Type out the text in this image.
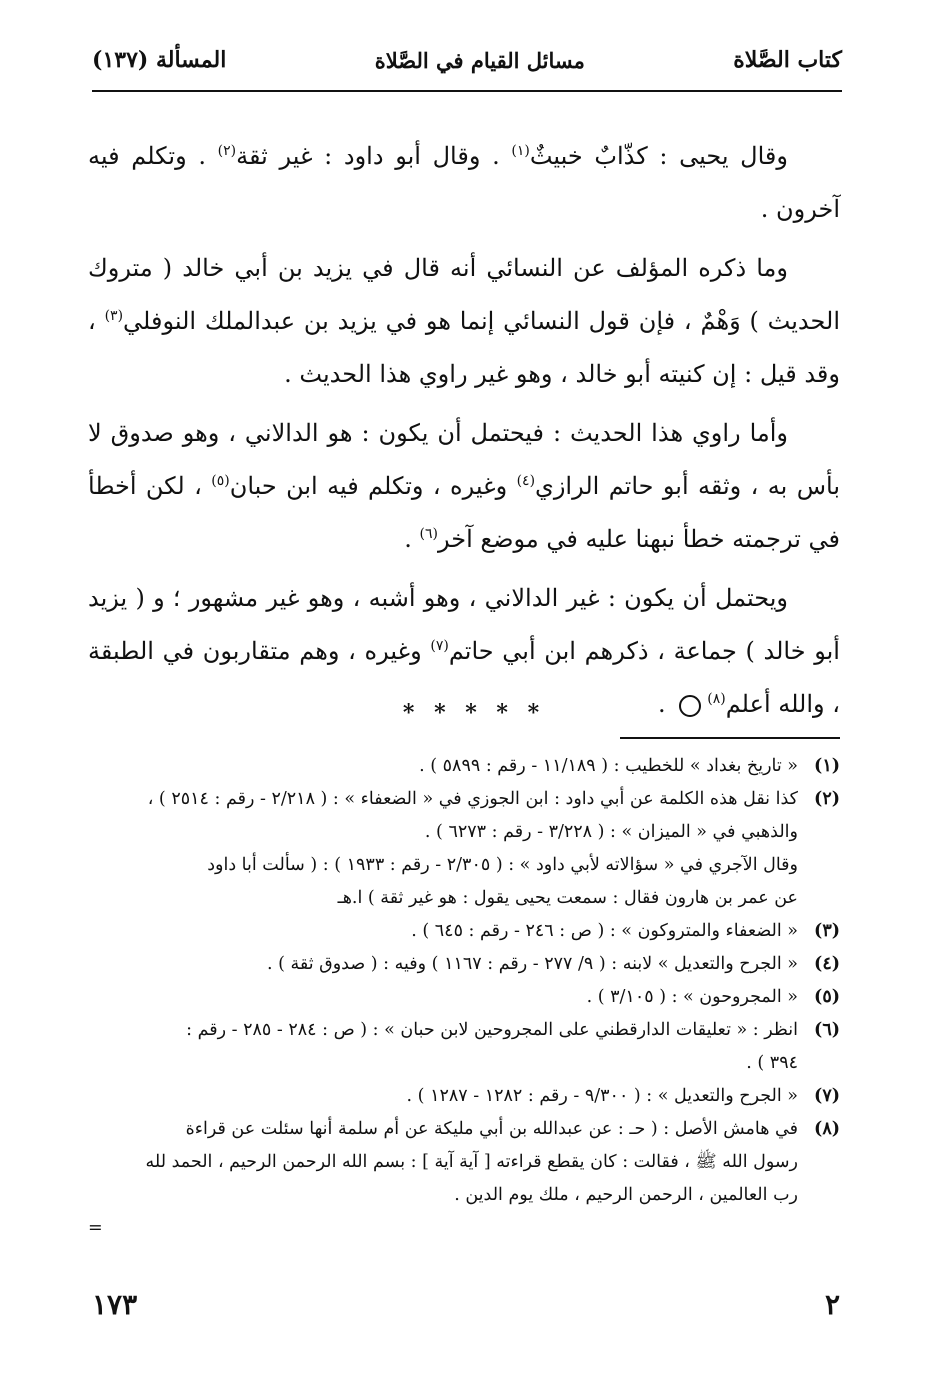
كتاب الصَّلاة
مسائل القيام في الصَّلاة
المسألة (١٣٧)

وقال يحيى : كذّابٌ خبيثٌ$^{(١)}$ . وقال أبو داود : غير ثقة$^{(٢)}$ . وتكلم فيه آخرون .

وما ذكره المؤلف عن النسائي أنه قال في يزيد بن أبي خالد ( متروك الحديث ) وَهْمٌ ، فإن قول النسائي إنما هو في يزيد بن عبدالملك النوفلي$^{(٣)}$ ، وقد قيل : إن كنيته أبو خالد ، وهو غير راوي هذا الحديث .

وأما راوي هذا الحديث : فيحتمل أن يكون : هو الدالاني ، وهو صدوق لا بأس به ، وثقه أبو حاتم الرازي$^{(٤)}$ وغيره ، وتكلم فيه ابن حبان$^{(٥)}$ ، لكن أخطأ في ترجمته خطأ نبهنا عليه في موضع آخر$^{(٦)}$ .

ويحتمل أن يكون : غير الدالاني ، وهو أشبه ، وهو غير مشهور ؛ و ( يزيد أبو خالد ) جماعة ، ذكرهم ابن أبي حاتم$^{(٧)}$ وغيره ، وهم متقاربون في الطبقة ، والله أعلم$^{(٨)}$ .

* * * * *
(١)
« تاريخ بغداد » للخطيب : ( ١١/١٨٩ - رقم : ٥٨٩٩ ) .
(٢)
كذا نقل هذه الكلمة عن أبي داود : ابن الجوزي في « الضعفاء » : ( ٢/٢١٨ - رقم : ٢٥١٤ ) ،
والذهبي في « الميزان » : ( ٣/٢٢٨ - رقم : ٦٢٧٣ ) .
وقال الآجري في « سؤالاته لأبي داود » : ( ٢/٣٠٥ - رقم : ١٩٣٣ ) : ( سألت أبا داود
عن عمر بن هارون فقال : سمعت يحيى يقول : هو غير ثقة ) ا.هـ
(٣)
« الضعفاء والمتروكون » : ( ص : ٢٤٦ - رقم : ٦٤٥ ) .
(٤)
« الجرح والتعديل » لابنه : ( ٩/ ٢٧٧ - رقم : ١١٦٧ ) وفيه : ( صدوق ثقة ) .
(٥)
« المجروحون » : ( ٣/١٠٥ ) .
(٦)
انظر : « تعليقات الدارقطني على المجروحين لابن حبان » : ( ص : ٢٨٤ - ٢٨٥ - رقم :
٣٩٤ ) .
(٧)
« الجرح والتعديل » : ( ٩/٣٠٠ - رقم : ١٢٨٢ - ١٢٨٧ ) .
(٨)
في هامش الأصل : ( حـ : عن عبدالله بن أبي مليكة عن أم سلمة أنها سئلت عن قراءة
رسول الله ﷺ ، فقالت : كان يقطع قراءته [ آية آية ] : بسم الله الرحمن الرحيم ، الحمد لله
رب العالمين ، الرحمن الرحيم ، ملك يوم الدين .
=
١٧٣	٢
